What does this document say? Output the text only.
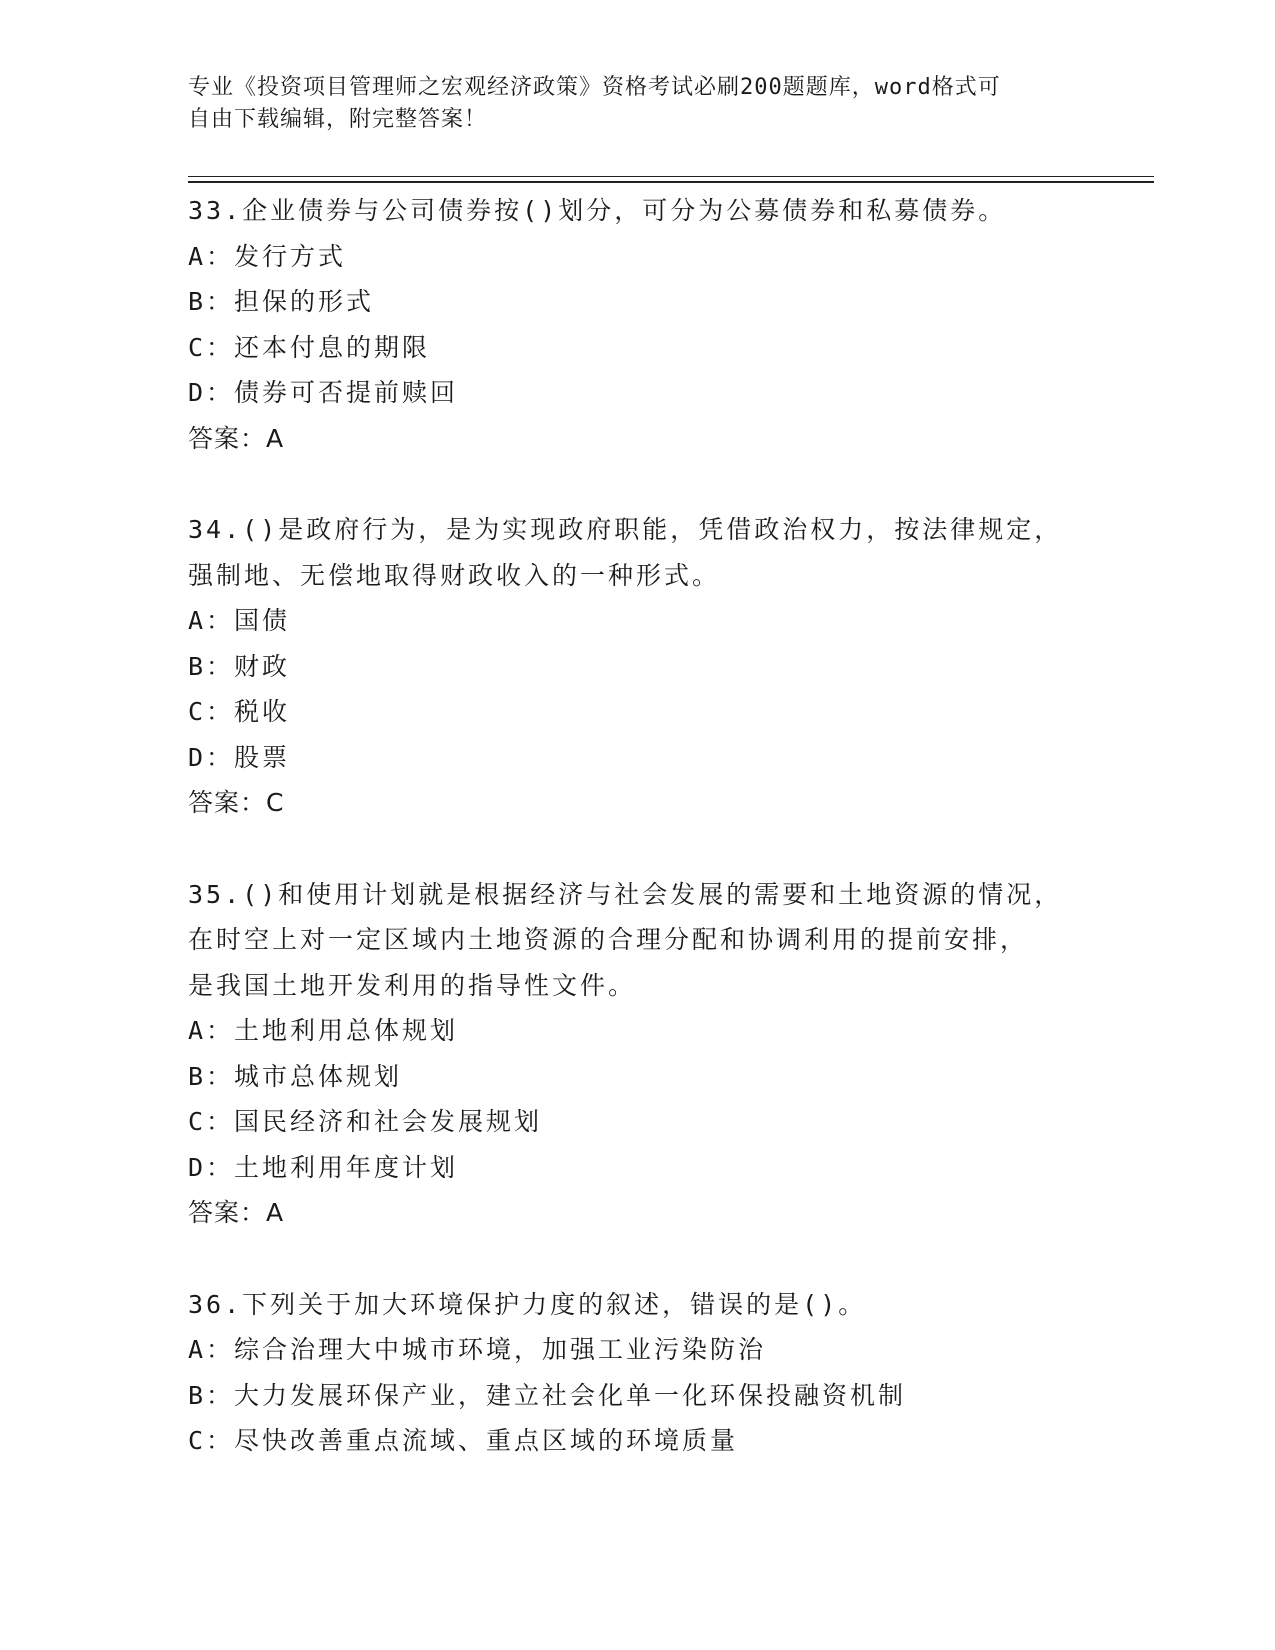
专业《投资项目管理师之宏观经济政策》资格考试必刷200题题库，word格式可
自由下载编辑，附完整答案！
33.企业债券与公司债券按()划分，可分为公募债券和私募债券。
A：发行方式
B：担保的形式
C：还本付息的期限
D：债券可否提前赎回
答案：A
34.()是政府行为，是为实现政府职能，凭借政治权力，按法律规定，
强制地、无偿地取得财政收入的一种形式。
A：国债
B：财政
C：税收
D：股票
答案：C
35.()和使用计划就是根据经济与社会发展的需要和土地资源的情况，
在时空上对一定区域内土地资源的合理分配和协调利用的提前安排，
是我国土地开发利用的指导性文件。
A：土地利用总体规划
B：城市总体规划
C：国民经济和社会发展规划
D：土地利用年度计划
答案：A
36.下列关于加大环境保护力度的叙述，错误的是()。
A：综合治理大中城市环境，加强工业污染防治
B：大力发展环保产业，建立社会化单一化环保投融资机制
C：尽快改善重点流域、重点区域的环境质量
